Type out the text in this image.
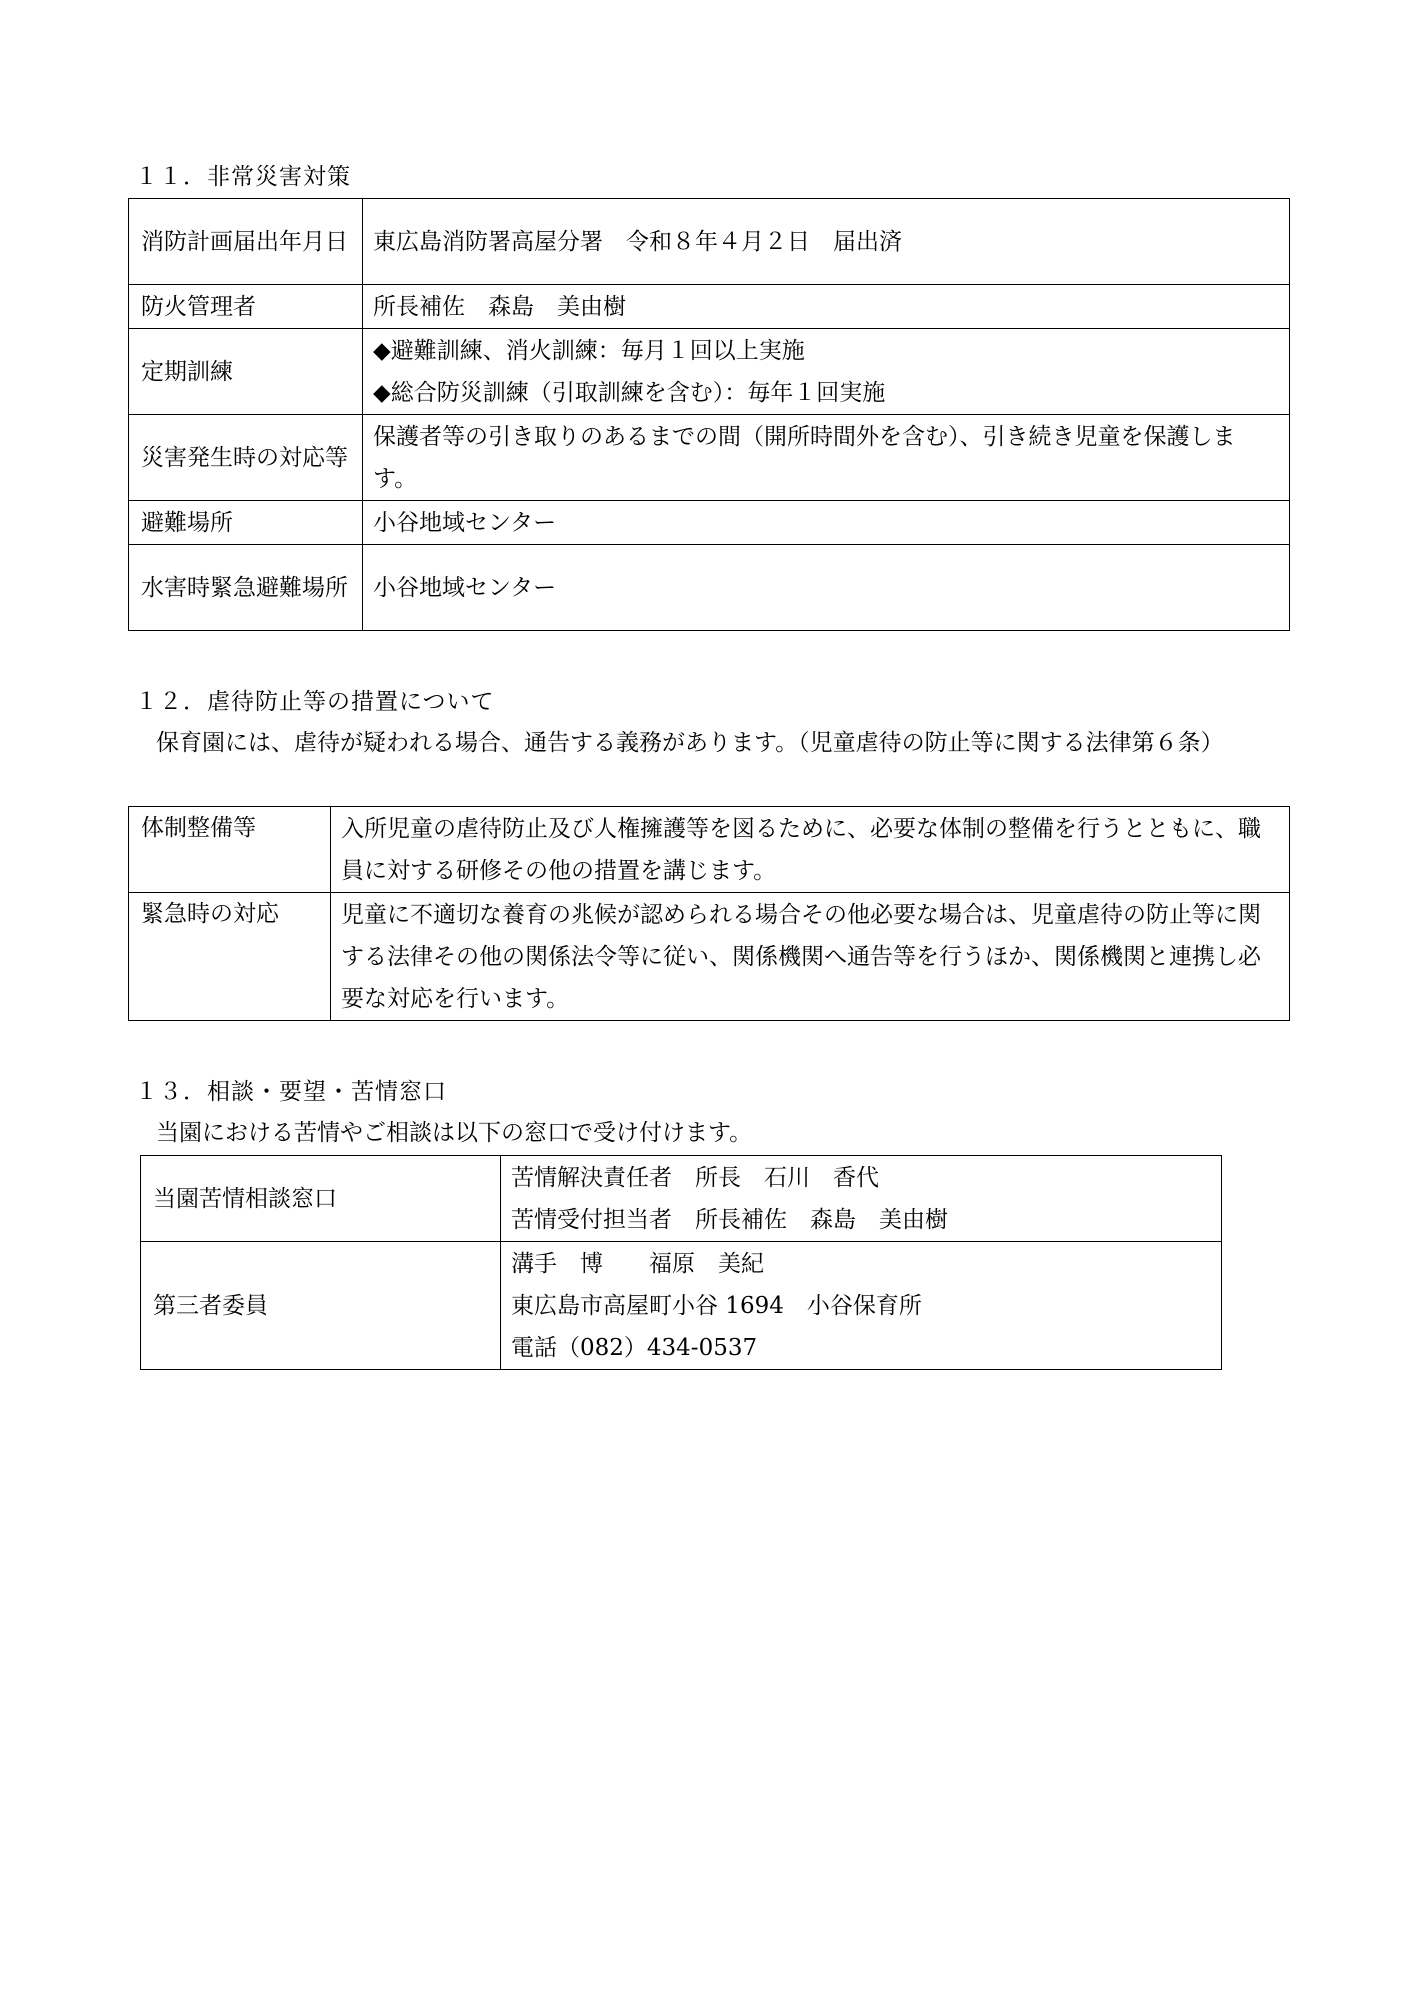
１１．非常災害対策
消防計画届出年月日	東広島消防署高屋分署　令和８年４月２日　届出済
防火管理者	所長補佐　森島　美由樹
定期訓練	◆避難訓練、消火訓練：毎月１回以上実施
◆総合防災訓練（引取訓練を含む）：毎年１回実施

災害発生時の対応等	保護者等の引き取りのあるまでの間（開所時間外を含む）、引き続き児童を保護します。
避難場所	小谷地域センター
水害時緊急避難場所	小谷地域センター
１２．虐待防止等の措置について

保育園には、虐待が疑われる場合、通告する義務があります。（児童虐待の防止等に関する法律第６条）

体制整備等	入所児童の虐待防止及び人権擁護等を図るために、必要な体制の整備を行うとともに、職員に対する研修その他の措置を講じます。
緊急時の対応	児童に不適切な養育の兆候が認められる場合その他必要な場合は、児童虐待の防止等に関する法律その他の関係法令等に従い、関係機関へ通告等を行うほか、関係機関と連携し必要な対応を行います。
１３．相談・要望・苦情窓口

当園における苦情やご相談は以下の窓口で受け付けます。

当園苦情相談窓口	苦情解決責任者　所長　石川　香代
苦情受付担当者　所長補佐　森島　美由樹

第三者委員	溝手　博　　福原　美紀
東広島市高屋町小谷 1694　小谷保育所
電話（082）434-0537
